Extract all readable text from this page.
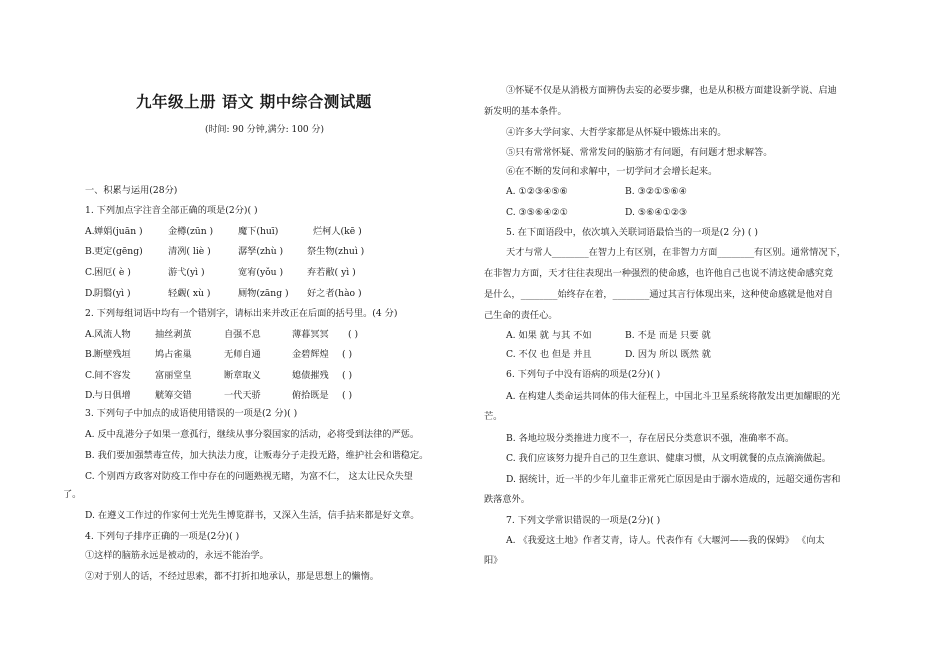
九年级上册 语文 期中综合测试题
(时间: 90 分钟,满分: 100 分)
一、积累与运用(28分)
1. 下列加点字注音全部正确的项是(2分)( )
A. 婵娟(juān )	金樽(zūn )	魔下(huī)	烂柯人(kē )
B. 更定(gēng)	清冽( liè )	潺孥(zhù )	祭生物(zhuì )
C. 困厄( è )	游弋(yì )	宽宥(yǒu )	弃若敝( yì )
D. 阴翳(yì )	轻觑( xù )	厕物(zāng ) 好之者(hào )
2. 下列每组词语中均有一个错别字，请标出来并改正在后面的括号里。(4 分)
A. 风流人物	抽丝剥茧	自强不息	薄暮冥冥 ( )
B. 断壁残垣	鸠占雀巢	无师自通	金碧辉煌 ( )
C. 间不容发	富丽堂皇	断章取义	媳债摧残 ( )
D. 与日俱增	觥筹交错	一代天骄	俯拾既是 ( )
3. 下列句子中加点的成语使用错误的一项是(2 分)( )
A. 反中乱港分子如果一意孤行，继续从事分裂国家的活动，必将受到法律的严惩。
B. 我们要加强禁毒宣传，加大执法力度，让贩毒分子走投无路，维护社会和谐稳定。
C. 个别西方政客对防疫工作中存在的问题熟视无睹，为富不仁， 这太让民众失望
了。
D. 在遵义工作过的作家何士光先生博览群书，又深入生活，信手拈来都是好文章。
4. 下列句子排序正确的一项是(2分)( )
①这样的脑筋永远是被动的，永远不能治学。
②对于别人的话，不经过思索，都不打折扣地承认，那是思想上的懒惰。
③怀疑不仅是从消极方面辨伪去妄的必要步骤，也是从积极方面建设新学说、启迪
新发明的基本条件。
④许多大学问家、大哲学家都是从怀疑中锻炼出来的。
⑤只有常常怀疑、常常发问的脑筋才有问题，有问题才想求解答。
⑥在不断的发问和求解中，一切学问才会增长起来。
A. ①②③④⑤⑥	B. ③②①⑤⑥④
C. ③⑤⑥④②①	D. ⑤⑥④①②③
5. 在下面语段中，依次填入关联词语最恰当的一项是(2 分) ( )
天才与常人________在智力上有区别，在非智力方面________有区别。通常情况下，
在非智力方面，天才往往表现出一种强烈的使命感，也许他自己也说不清这使命感究竟
是什么，________始终存在着，________通过其言行体现出来，这种使命感就是他对自
己生命的责任心。
A. 如果 就 与其 不如	B. 不是 而是 只要 就
C. 不仅 也 但是 并且	D. 因为 所以 既然 就
6. 下列句子中没有语病的项是(2分)( )
A. 在构建人类命运共同体的伟大征程上，中国北斗卫星系统将散发出更加耀眼的光
芒。
B. 各地垃圾分类推进力度不一，存在居民分类意识不强，准确率不高。
C. 我们应该努力提升自己的卫生意识、健康习惯，从文明就餐的点点滴滴做起。
D. 据统计，近一半的少年儿童非正常死亡原因是由于溺水造成的，远超交通伤害和
跌落意外。
7. 下列文学常识错误的一项是(2分)( )
A. 《我爱这土地》作者艾青，诗人。代表作有《大堰河——我的保姆》 《向太
阳》
